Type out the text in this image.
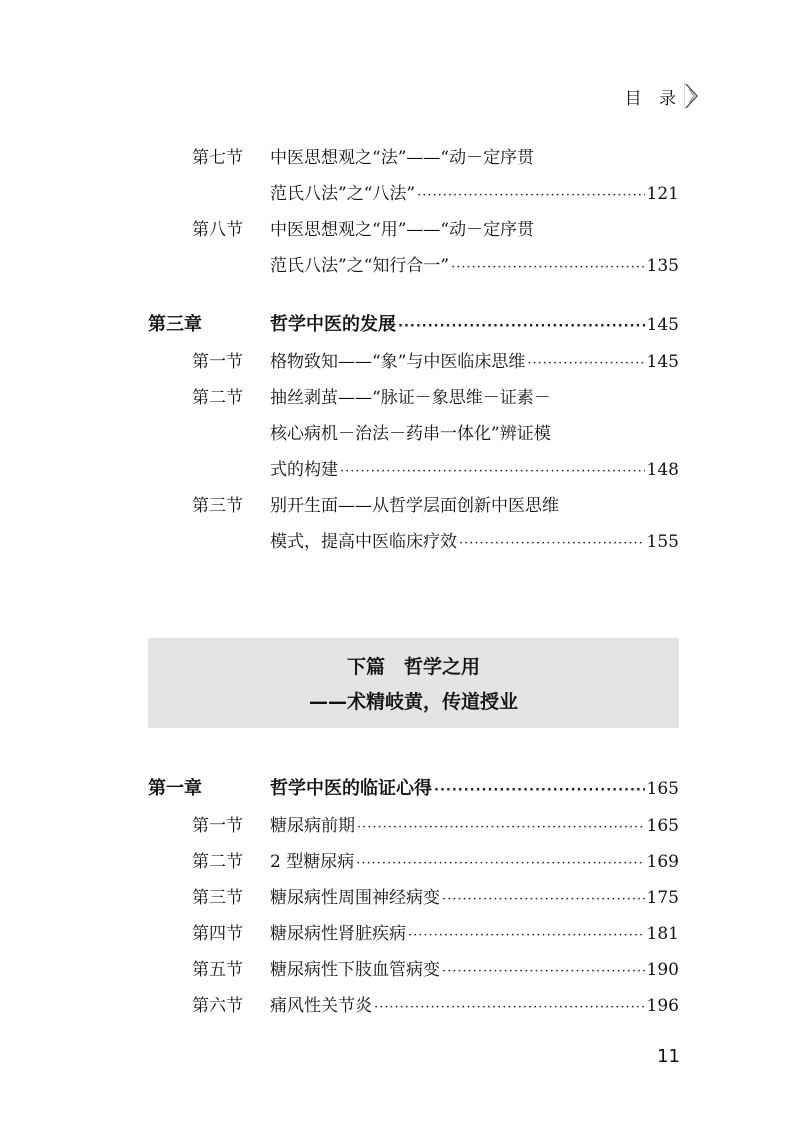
目 录
第七节	中医思想观之“法”——“动－定序贯
范氏八法”之“八法” ·····	121
第八节	中医思想观之“用”——“动－定序贯
范氏八法”之“知行合一” ·····	135
第三章	哲学中医的发展 ·····	145
第一节	格物致知——“象”与中医临床思维 ·····	145
第二节	抽丝剥茧——“脉证－象思维－证素－
核心病机－治法－药串一体化”辨证模
式的构建 ·····	148
第三节	别开生面——从哲学层面创新中医思维
模式，提高中医临床疗效 ·····	155
下篇　哲学之用
——术精岐黄，传道授业
第一章	哲学中医的临证心得 ·····	165
第一节	糖尿病前期 ·····	165
第二节	2 型糖尿病 ·····	169
第三节	糖尿病性周围神经病变 ·····	175
第四节	糖尿病性肾脏疾病 ·····	181
第五节	糖尿病性下肢血管病变 ·····	190
第六节	痛风性关节炎 ·····	196
11
